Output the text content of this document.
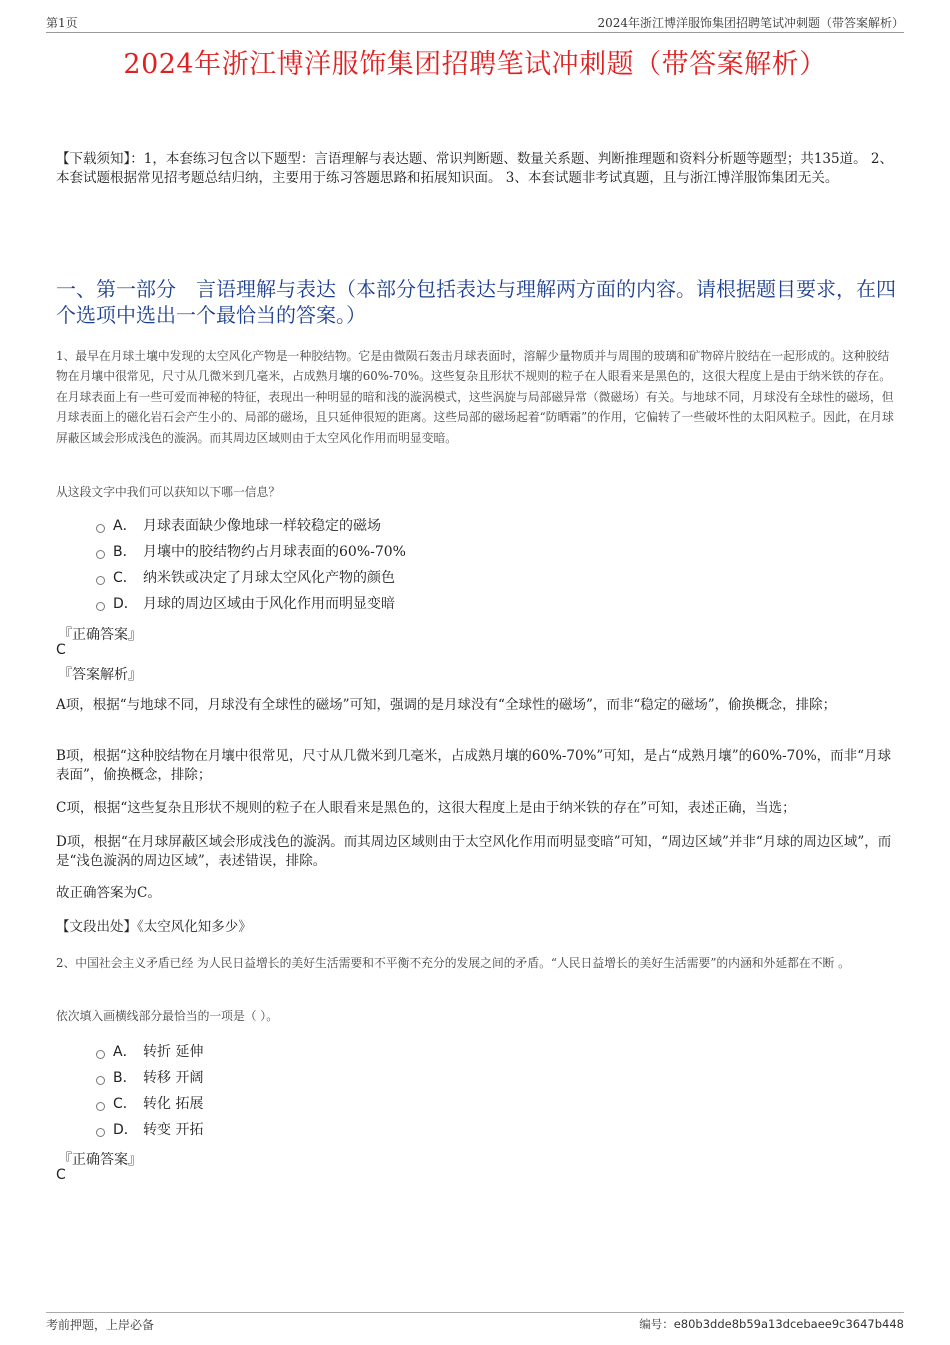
第1页	2024年浙江博洋服饰集团招聘笔试冲刺题（带答案解析）
2024年浙江博洋服饰集团招聘笔试冲刺题（带答案解析）
【下载须知】：1，本套练习包含以下题型：言语理解与表达题、常识判断题、数量关系题、判断推理题和资料分析题等题型；共135道。 2、本套试题根据常见招考题总结归纳，主要用于练习答题思路和拓展知识面。 3、本套试题非考试真题，且与浙江博洋服饰集团无关。
一、第一部分　言语理解与表达（本部分包括表达与理解两方面的内容。请根据题目要求，在四个选项中选出一个最恰当的答案。）
1、最早在月球土壤中发现的太空风化产物是一种胶结物。它是由微陨石轰击月球表面时，溶解少量物质并与周围的玻璃和矿物碎片胶结在一起形成的。这种胶结物在月壤中很常见，尺寸从几微米到几毫米，占成熟月壤的60%-70%。这些复杂且形状不规则的粒子在人眼看来是黑色的，这很大程度上是由于纳米铁的存在。在月球表面上有一些可爱而神秘的特征，表现出一种明显的暗和浅的漩涡模式，这些涡旋与局部磁异常（微磁场）有关。与地球不同，月球没有全球性的磁场，但月球表面上的磁化岩石会产生小的、局部的磁场，且只延伸很短的距离。这些局部的磁场起着“防晒霜”的作用，它偏转了一些破坏性的太阳风粒子。因此，在月球屏蔽区域会形成浅色的漩涡。而其周边区域则由于太空风化作用而明显变暗。
从这段文字中我们可以获知以下哪一信息？
A． 月球表面缺少像地球一样较稳定的磁场
B． 月壤中的胶结物约占月球表面的60%-70%
C． 纳米铁或决定了月球太空风化产物的颜色
D． 月球的周边区域由于风化作用而明显变暗
『正确答案』
C
『答案解析』
A项，根据“与地球不同，月球没有全球性的磁场”可知，强调的是月球没有“全球性的磁场”，而非“稳定的磁场”，偷换概念，排除；
B项，根据“这种胶结物在月壤中很常见，尺寸从几微米到几毫米，占成熟月壤的60%-70%”可知，是占“成熟月壤”的60%-70%，而非“月球表面”，偷换概念，排除；
C项，根据“这些复杂且形状不规则的粒子在人眼看来是黑色的，这很大程度上是由于纳米铁的存在”可知，表述正确，当选；
D项，根据“在月球屏蔽区域会形成浅色的漩涡。而其周边区域则由于太空风化作用而明显变暗”可知，“周边区域”并非“月球的周边区域”，而是“浅色漩涡的周边区域”，表述错误，排除。
故正确答案为C。
【文段出处】《太空风化知多少》
2、中国社会主义矛盾已经 为人民日益增长的美好生活需要和不平衡不充分的发展之间的矛盾。“人民日益增长的美好生活需要”的内涵和外延都在不断 。
依次填入画横线部分最恰当的一项是（ ）。
A． 转折 延伸
B． 转移 开阔
C． 转化 拓展
D． 转变 开拓
『正确答案』
C
考前押题，上岸必备	编号：e80b3dde8b59a13dcebaee9c3647b448
